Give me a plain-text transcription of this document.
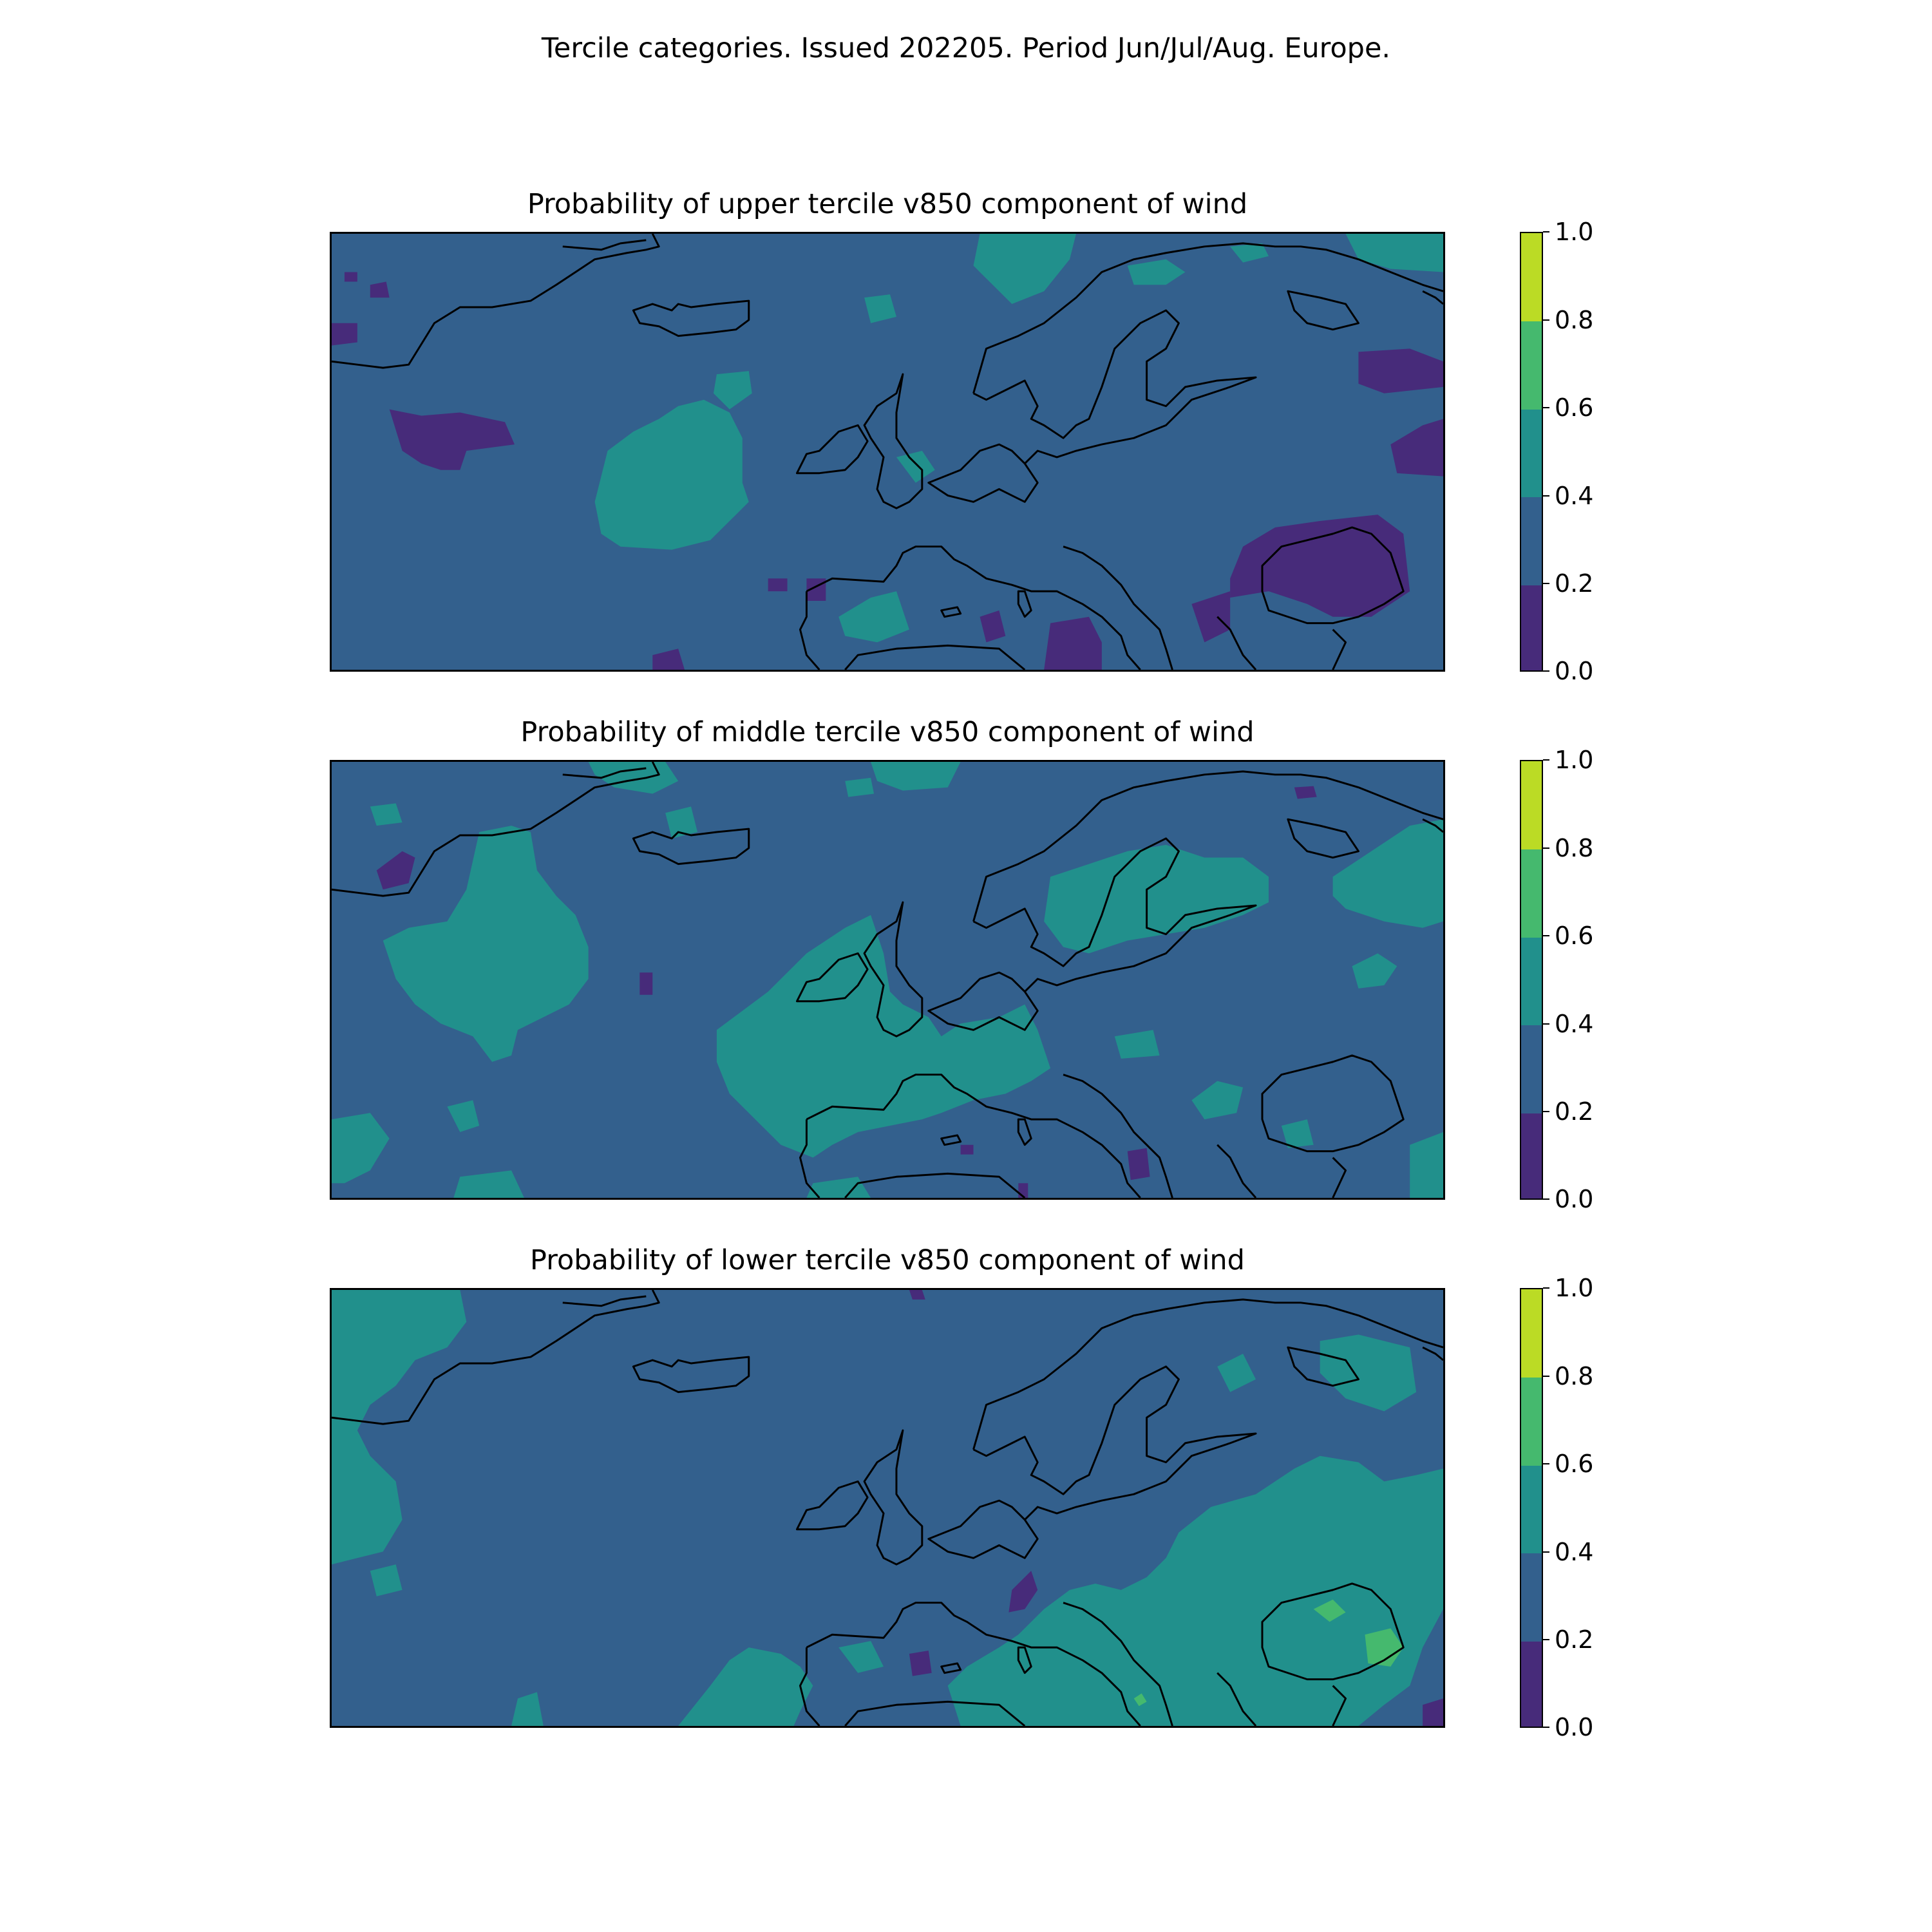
Tercile categories. Issued 202205. Period Jun/Jul/Aug. Europe.
Probability of upper tercile v850 component of wind
1.0
0.8
0.6
0.4
0.2
0.0
Probability of middle tercile v850 component of wind
1.0
0.8
0.6
0.4
0.2
0.0
Probability of lower tercile v850 component of wind
1.0
0.8
0.6
0.4
0.2
0.0
